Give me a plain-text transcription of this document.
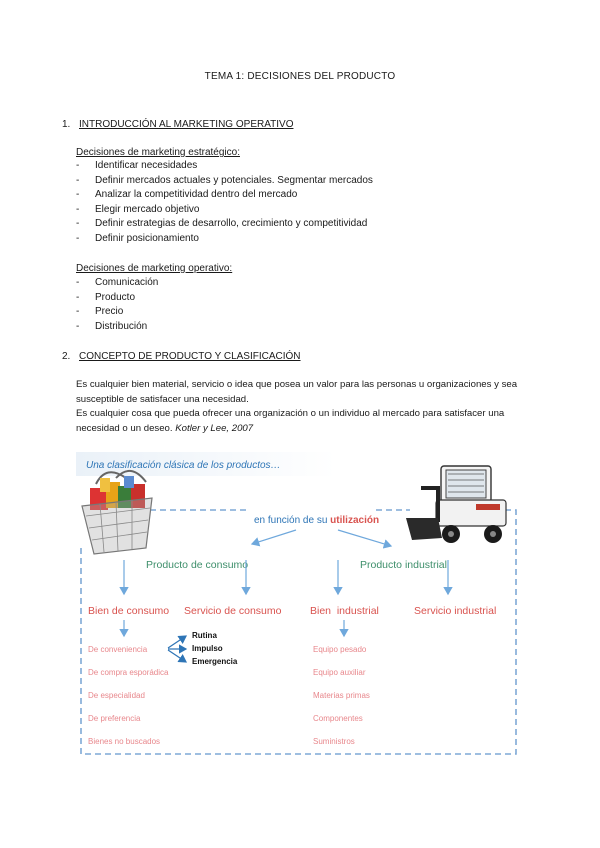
TEMA 1: DECISIONES DEL PRODUCTO
1. INTRODUCCIÓN AL MARKETING OPERATIVO
Decisiones de marketing estratégico:
- Identificar necesidades
- Definir mercados actuales y potenciales. Segmentar mercados
- Analizar la competitividad dentro del mercado
- Elegir mercado objetivo
- Definir estrategias de desarrollo, crecimiento y competitividad
- Definir posicionamiento
Decisiones de marketing operativo:
- Comunicación
- Producto
- Precio
- Distribución
2. CONCEPTO DE PRODUCTO Y CLASIFICACIÓN
Es cualquier bien material, servicio o idea que posea un valor para las personas u organizaciones y sea susceptible de satisfacer una necesidad.
Es cualquier cosa que pueda ofrecer una organización o un individuo al mercado para satisfacer una necesidad o un deseo. Kotler y Lee, 2007
Una clasificación clásica de los productos…
en función de su utilización
Producto de consumo	Producto industrial
Bien de consumo Servicio de consumo	Bien  industrial	Servicio industrial
De conveniencia
De compra esporádica
De especialidad
De preferencia
Bienes no buscados
Rutina
Impulso
Emergencia
Equipo pesado
Equipo auxiliar
Materias primas
Componentes
Suministros
